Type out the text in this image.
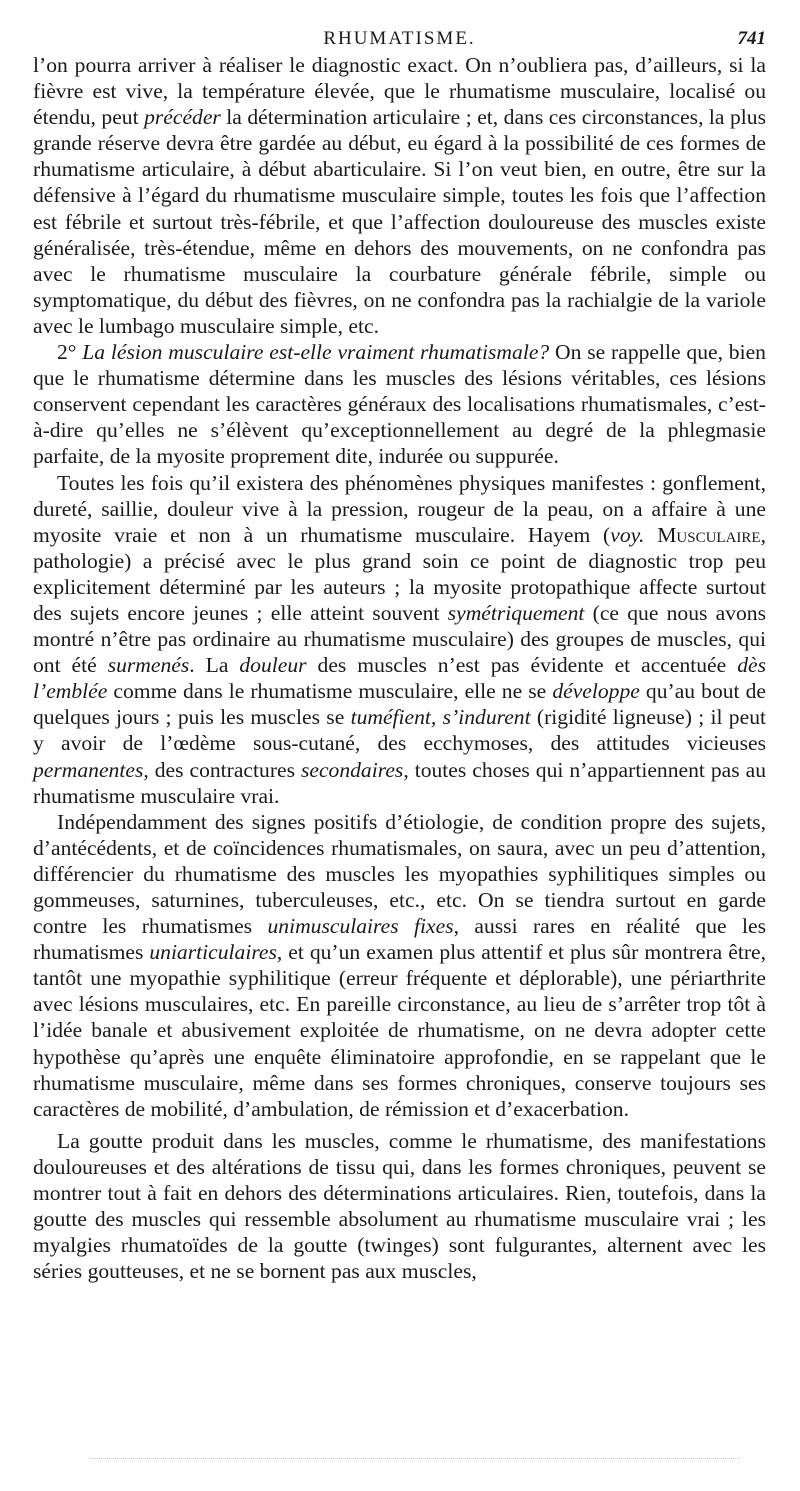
RHUMATISME.	741

l’on pourra arriver à réaliser le diagnostic exact. On n’oubliera pas, d’ailleurs, si la fièvre est vive, la température élevée, que le rhumatisme musculaire, localisé ou étendu, peut précéder la détermination articulaire ; et, dans ces circonstances, la plus grande réserve devra être gardée au début, eu égard à la possibilité de ces formes de rhumatisme articulaire, à début abarticulaire. Si l’on veut bien, en outre, être sur la défensive à l’égard du rhumatisme musculaire simple, toutes les fois que l’affection est fébrile et surtout très-fébrile, et que l’affection douloureuse des muscles existe généralisée, très-étendue, même en dehors des mouvements, on ne confondra pas avec le rhumatisme musculaire la courbature générale fébrile, simple ou symptomatique, du début des fièvres, on ne confondra pas la rachialgie de la variole avec le lumbago musculaire simple, etc.

2° La lésion musculaire est-elle vraiment rhumatismale? On se rappelle que, bien que le rhumatisme détermine dans les muscles des lésions véritables, ces lésions conservent cependant les caractères généraux des localisations rhumatismales, c’est-à-dire qu’elles ne s’élèvent qu’exceptionnellement au degré de la phlegmasie parfaite, de la myosite proprement dite, indurée ou suppurée.

Toutes les fois qu’il existera des phénomènes physiques manifestes : gonflement, dureté, saillie, douleur vive à la pression, rougeur de la peau, on a affaire à une myosite vraie et non à un rhumatisme musculaire. Hayem (voy. Musculaire, pathologie) a précisé avec le plus grand soin ce point de diagnostic trop peu explicitement déterminé par les auteurs ; la myosite protopathique affecte surtout des sujets encore jeunes ; elle atteint souvent symétriquement (ce que nous avons montré n’être pas ordinaire au rhumatisme musculaire) des groupes de muscles, qui ont été surmenés. La douleur des muscles n’est pas évidente et accentuée dès l’emblée comme dans le rhumatisme musculaire, elle ne se développe qu’au bout de quelques jours ; puis les muscles se tuméfient, s’indurent (rigidité ligneuse) ; il peut y avoir de l’œdème sous-cutané, des ecchymoses, des attitudes vicieuses permanentes, des contractures secondaires, toutes choses qui n’appartiennent pas au rhumatisme musculaire vrai.

Indépendamment des signes positifs d’étiologie, de condition propre des sujets, d’antécédents, et de coïncidences rhumatismales, on saura, avec un peu d’attention, différencier du rhumatisme des muscles les myopathies syphilitiques simples ou gommeuses, saturnines, tuberculeuses, etc., etc. On se tiendra surtout en garde contre les rhumatismes unimusculaires fixes, aussi rares en réalité que les rhumatismes uniarticulaires, et qu’un examen plus attentif et plus sûr montrera être, tantôt une myopathie syphilitique (erreur fréquente et déplorable), une périarthrite avec lésions musculaires, etc. En pareille circonstance, au lieu de s’arrêter trop tôt à l’idée banale et abusivement exploitée de rhumatisme, on ne devra adopter cette hypothèse qu’après une enquête éliminatoire approfondie, en se rappelant que le rhumatisme musculaire, même dans ses formes chroniques, conserve toujours ses caractères de mobilité, d’ambulation, de rémission et d’exacerbation.

La goutte produit dans les muscles, comme le rhumatisme, des manifestations douloureuses et des altérations de tissu qui, dans les formes chroniques, peuvent se montrer tout à fait en dehors des déterminations articulaires. Rien, toutefois, dans la goutte des muscles qui ressemble absolument au rhumatisme musculaire vrai ; les myalgies rhumatoïdes de la goutte (twinges) sont fulgurantes, alternent avec les séries goutteuses, et ne se bornent pas aux muscles,
